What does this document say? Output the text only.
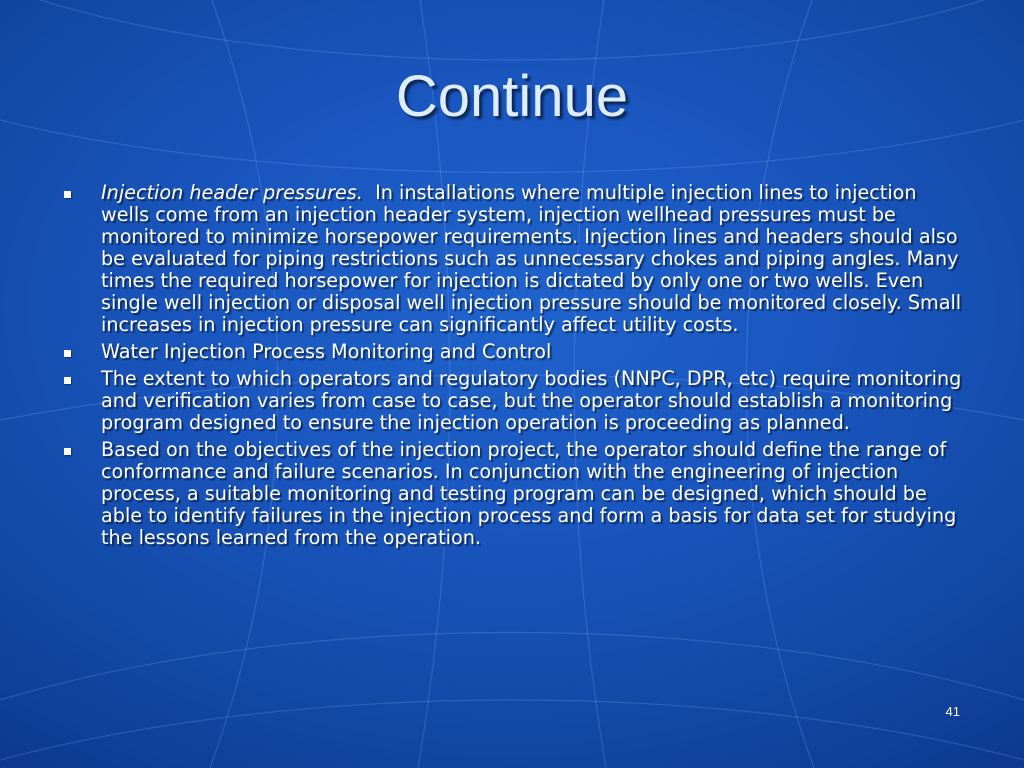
Continue
Injection header pressures.  In installations where multiple injection lines to injection wells come from an injection header system, injection wellhead pressures must be monitored to minimize horsepower requirements. Injection lines and headers should also be evaluated for piping restrictions such as unnecessary chokes and piping angles. Many times the required horsepower for injection is dictated by only one or two wells. Even single well injection or disposal well injection pressure should be monitored closely. Small increases in injection pressure can significantly affect utility costs.
Water Injection Process Monitoring and Control
The extent to which operators and regulatory bodies (NNPC, DPR, etc) require monitoring and verification varies from case to case, but the operator should establish a monitoring program designed to ensure the injection operation is proceeding as planned.
Based on the objectives of the injection project, the operator should define the range of conformance and failure scenarios. In conjunction with the engineering of injection process, a suitable monitoring and testing program can be designed, which should be able to identify failures in the injection process and form a basis for data set for studying the lessons learned from the operation.
41
